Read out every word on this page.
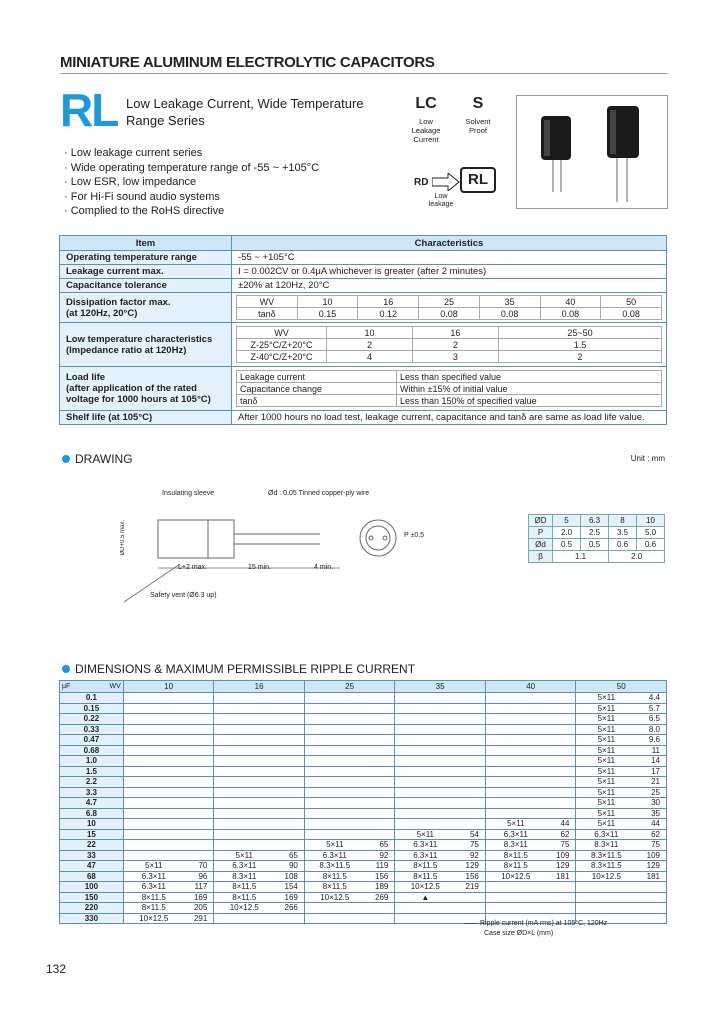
MINIATURE ALUMINUM ELECTROLYTIC CAPACITORS
RL Low Leakage Current, Wide Temperature Range Series
· Low leakage current series
· Wide operating temperature range of -55 ~ +105°C
· Low ESR, low impedance
· For Hi-Fi sound audio systems
· Complied to the RoHS directive
LC
Low Leakage Current
S
Solvent Proof
RD	RL
Low leakage
Item	Characteristics
Operating temperature range	-55 ~ +105°C
Leakage current max.	I = 0.002CV or 0.4μA whichever is greater (after 2 minutes)
Capacitance tolerance	±20% at 120Hz, 20°C
Dissipation factor max.
(at 120Hz, 20°C)	
WV	10	16	25	35	40	50
tanδ	0.15	0.12	0.08	0.08	0.08	0.08

Low temperature characteristics
(Impedance ratio at 120Hz)	
WV	10	16	25~50
Z-25°C/Z+20°C	2	2	1.5
Z-40°C/Z+20°C	4	3	2

Load life
(after application of the rated
voltage for 1000 hours at 105°C)	
Leakage current	Less than specified value
Capacitance change	Within ±15% of initial value
tanδ	Less than 150% of specified value

Shelf life (at 105°C)	After 1000 hours no load test, leakage current, capacitance and tanδ are same as load life value.
DRAWING	Unit : mm
Insulating sleeve	Ød : 0.05 Tinned copper-ply wire
L+2 max.	15 min.	4 min.
ØD+0.5 max.	P ±0.5
Safety vent (Ø6.3 up)
ØD	5	6.3	8	10
P	2.0	2.5	3.5	5.0
Ød	0.5	0.5	0.6	0.6
β	1.1		2.0	
DIMENSIONS & MAXIMUM PERMISSIBLE RIPPLE CURRENT
μF WV	10		16		25		35		40		50	
0.1											5×11	4.4
0.15											5×11	5.7
0.22											5×11	6.5
0.33											5×11	8.0
0.47											5×11	9.6
0.68											5×11	11
1.0											5×11	14
1.5											5×11	17
2.2											5×11	21
3.3											5×11	25
4.7											5×11	30
6.8											5×11	35
10									5×11	44	5×11	44
15							5×11	54	6.3×11	62	6.3×11	62
22					5×11	65	6.3×11	75	8.3×11	75	8.3×11	75
33			5×11	65	6.3×11	92	6.3×11	92	8×11.5	109	8.3×11.5	109
47	5×11	70	6.3×11	90	8.3×11.5	119	8×11.5	129	8×11.5	129	8.3×11.5	129
68	6.3×11	96	8.3×11	108	8×11.5	156	8×11.5	156	10×12.5	181	10×12.5	181
100	6.3×11	117	8×11.5	154	8×11.5	189	10×12.5	219				
150	8×11.5	169	8×11.5	169	10×12.5	269	▲					
220	8×11.5	205	10×12.5	266								
330	10×12.5	291										
—— Ripple current (mA rms) at 105°C, 120Hz
Case size ØD×L (mm)
132
